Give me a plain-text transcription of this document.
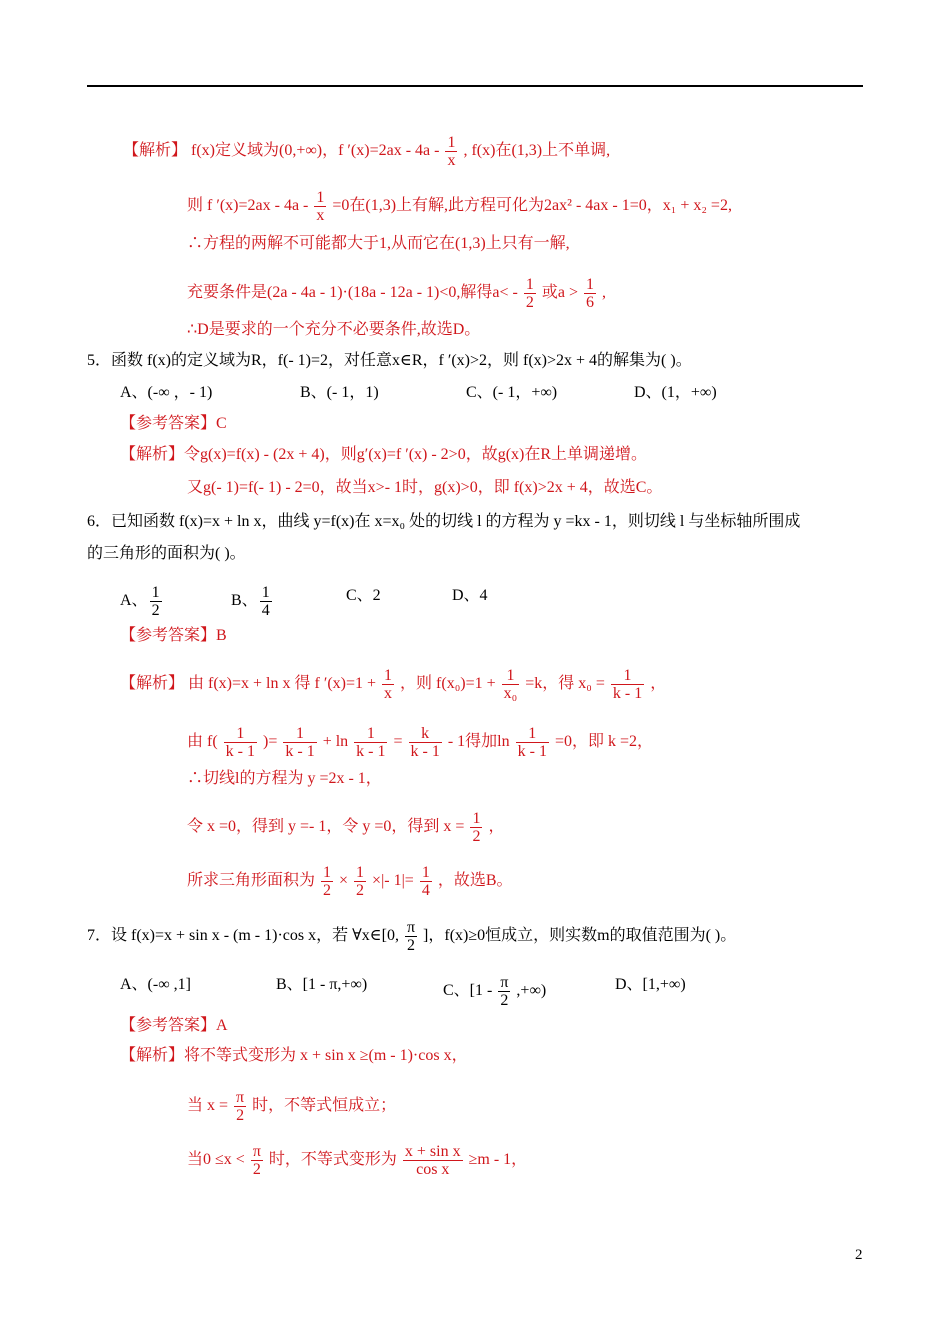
【解析】 f(x)定义域为(0,+∞)，f $'(x)=2ax - 4a - \frac{1}{x}$ , f(x)在(1,3)上不单调,
则 f $'(x)=2ax - 4a - \frac{1}{x} =0$在(1,3)上有解,此方程可化为2ax² - 4ax - 1=0，x₁ + x₂ =2,
∴方程的两解不可能都大于1,从而它在(1,3)上只有一解,
充要条件是(2a - 4a - 1)·(18a - 12a - 1)<0,解得$a< - \frac{1}{2}$ 或$a > \frac{1}{6}$ ,
∴D是要求的一个充分不必要条件,故选D。
5．函数 f(x)的定义域为R，f(- 1)=2，对任意x∈R，f ′(x)>2，则 f(x)>2x + 4的解集为( )。
A、(-∞ ，- 1)	B、(- 1，1)	C、(- 1，+∞)	D、(1，+∞)
【参考答案】C
【解析】令g(x)=f(x) - (2x + 4)，则g′(x)=f ′(x) - 2>0，故g(x)在R上单调递增。
又g(- 1)=f(- 1) - 2=0，故当x>- 1时，g(x)>0，即 f(x)>2x + 4，故选C。
6．已知函数 f(x)=x + ln x，曲线 y=f(x)在 x=x₀ 处的切线 l 的方程为 y =kx - 1，则切线 l 与坐标轴所围成
的三角形的面积为( )。
A、 $\frac{1}{2}$	B、 $\frac{1}{4}$	C、2	D、4
【参考答案】B
【解析】 由 f(x)=x + ln x 得 f $'(x)=1 + \frac{1}{x}$ ，则 $f(x_0)=1 + \frac{1}{\text{x₀}} =k$，得 $x_0 = \frac{1}{k - 1}$ ，
由 $f( \frac{1}{k - 1}$ )= $\frac{1}{k - 1} + \ln \frac{1}{k - 1} = \frac{k}{k - 1} - 1$得加$\ln \frac{1}{k - 1} =0$，即 k =2，
∴切线l的方程为 y =2x - 1，
令 x =0，得到 y =- 1，令 y =0，得到 $x = \frac{1}{2}$ ，
所求三角形面积为 $\frac{1}{2} \times \frac{1}{2}$ ×|- $1|= \frac{1}{4}$ ，故选B。
7．设 f(x)=x + sin x - (m - 1)·cos x，若 ∀x∈[0, $\frac{\pi}{2}$ ]，f(x)≥0恒成立，则实数m的取值范围为( )。
A、(-∞ ,1]	B、[1 - π,+∞)	C、[$1 - \frac{\pi}{2}$ ,+∞)	D、[1,+∞)
【参考答案】A
【解析】将不等式变形为 x + sin x ≥(m - 1)·cos x，
当 $x = \frac{\pi}{2}$ 时，不等式恒成立；
当$0 \le x < \frac{\pi}{2}$ 时，不等式变形为 $\frac{\text{x + sin x}}{\text{cos x}} \ge m - 1$，
2
